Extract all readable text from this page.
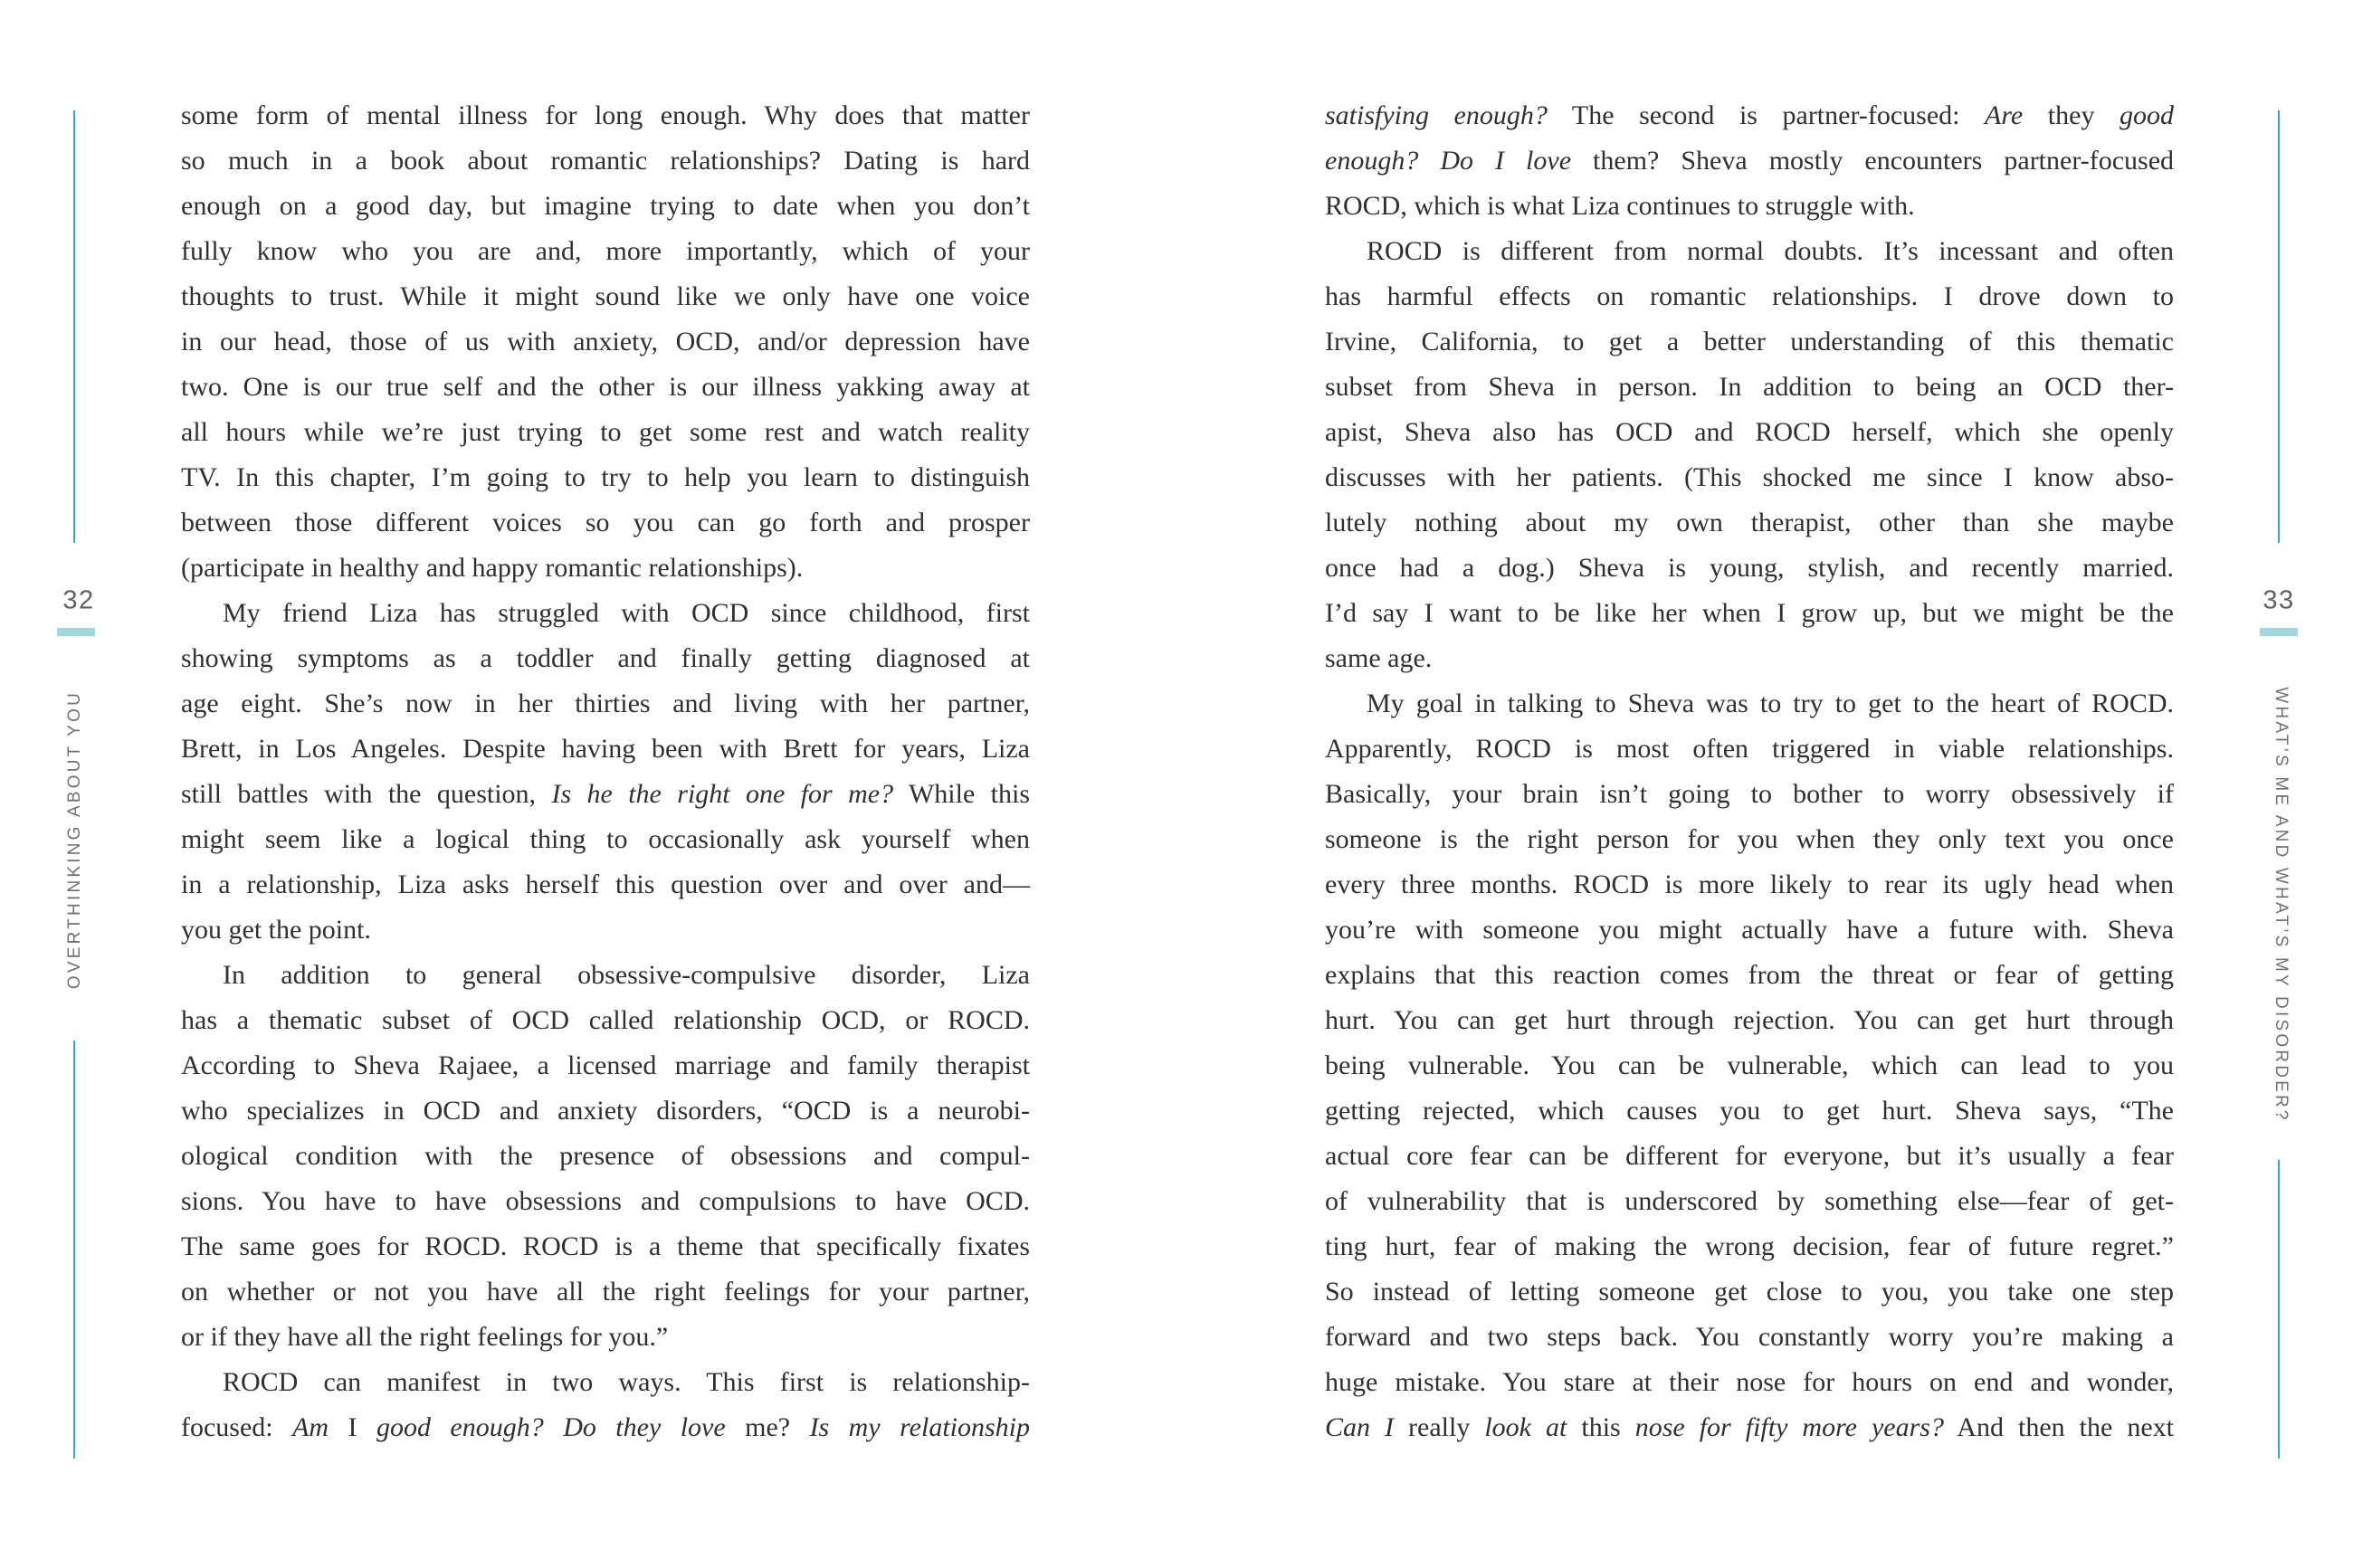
32
OVERTHINKING ABOUT YOU
some form of mental illness for long enough. Why does that matter
so much in a book about romantic relationships? Dating is hard
enough on a good day, but imagine trying to date when you don’t
fully know who you are and, more importantly, which of your
thoughts to trust. While it might sound like we only have one voice
in our head, those of us with anxiety, OCD, and/or depression have
two. One is our true self and the other is our illness yakking away at
all hours while we’re just trying to get some rest and watch reality
TV. In this chapter, I’m going to try to help you learn to distinguish
between those different voices so you can go forth and prosper
(participate in healthy and happy romantic relationships).
My friend Liza has struggled with OCD since childhood, first
showing symptoms as a toddler and finally getting diagnosed at
age eight. She’s now in her thirties and living with her partner,
Brett, in Los Angeles. Despite having been with Brett for years, Liza
still battles with the question, Is he the right one for me? While this
might seem like a logical thing to occasionally ask yourself when
in a relationship, Liza asks herself this question over and over and—
you get the point.
In addition to general obsessive-compulsive disorder, Liza
has a thematic subset of OCD called relationship OCD, or ROCD.
According to Sheva Rajaee, a licensed marriage and family therapist
who specializes in OCD and anxiety disorders, “OCD is a neurobi-
ological condition with the presence of obsessions and compul-
sions. You have to have obsessions and compulsions to have OCD.
The same goes for ROCD. ROCD is a theme that specifically fixates
on whether or not you have all the right feelings for your partner,
or if they have all the right feelings for you.”
ROCD can manifest in two ways. This first is relationship-
focused: Am I good enough? Do they love me? Is my relationship
satisfying enough? The second is partner-focused: Are they good
enough? Do I love them? Sheva mostly encounters partner-focused
ROCD, which is what Liza continues to struggle with.
ROCD is different from normal doubts. It’s incessant and often
has harmful effects on romantic relationships. I drove down to
Irvine, California, to get a better understanding of this thematic
subset from Sheva in person. In addition to being an OCD ther-
apist, Sheva also has OCD and ROCD herself, which she openly
discusses with her patients. (This shocked me since I know abso-
lutely nothing about my own therapist, other than she maybe
once had a dog.) Sheva is young, stylish, and recently married.
I’d say I want to be like her when I grow up, but we might be the
same age.
My goal in talking to Sheva was to try to get to the heart of ROCD.
Apparently, ROCD is most often triggered in viable relationships.
Basically, your brain isn’t going to bother to worry obsessively if
someone is the right person for you when they only text you once
every three months. ROCD is more likely to rear its ugly head when
you’re with someone you might actually have a future with. Sheva
explains that this reaction comes from the threat or fear of getting
hurt. You can get hurt through rejection. You can get hurt through
being vulnerable. You can be vulnerable, which can lead to you
getting rejected, which causes you to get hurt. Sheva says, “The
actual core fear can be different for everyone, but it’s usually a fear
of vulnerability that is underscored by something else—fear of get-
ting hurt, fear of making the wrong decision, fear of future regret.”
So instead of letting someone get close to you, you take one step
forward and two steps back. You constantly worry you’re making a
huge mistake. You stare at their nose for hours on end and wonder,
Can I really look at this nose for fifty more years? And then the next
33
WHAT’S ME AND WHAT’S MY DISORDER?
